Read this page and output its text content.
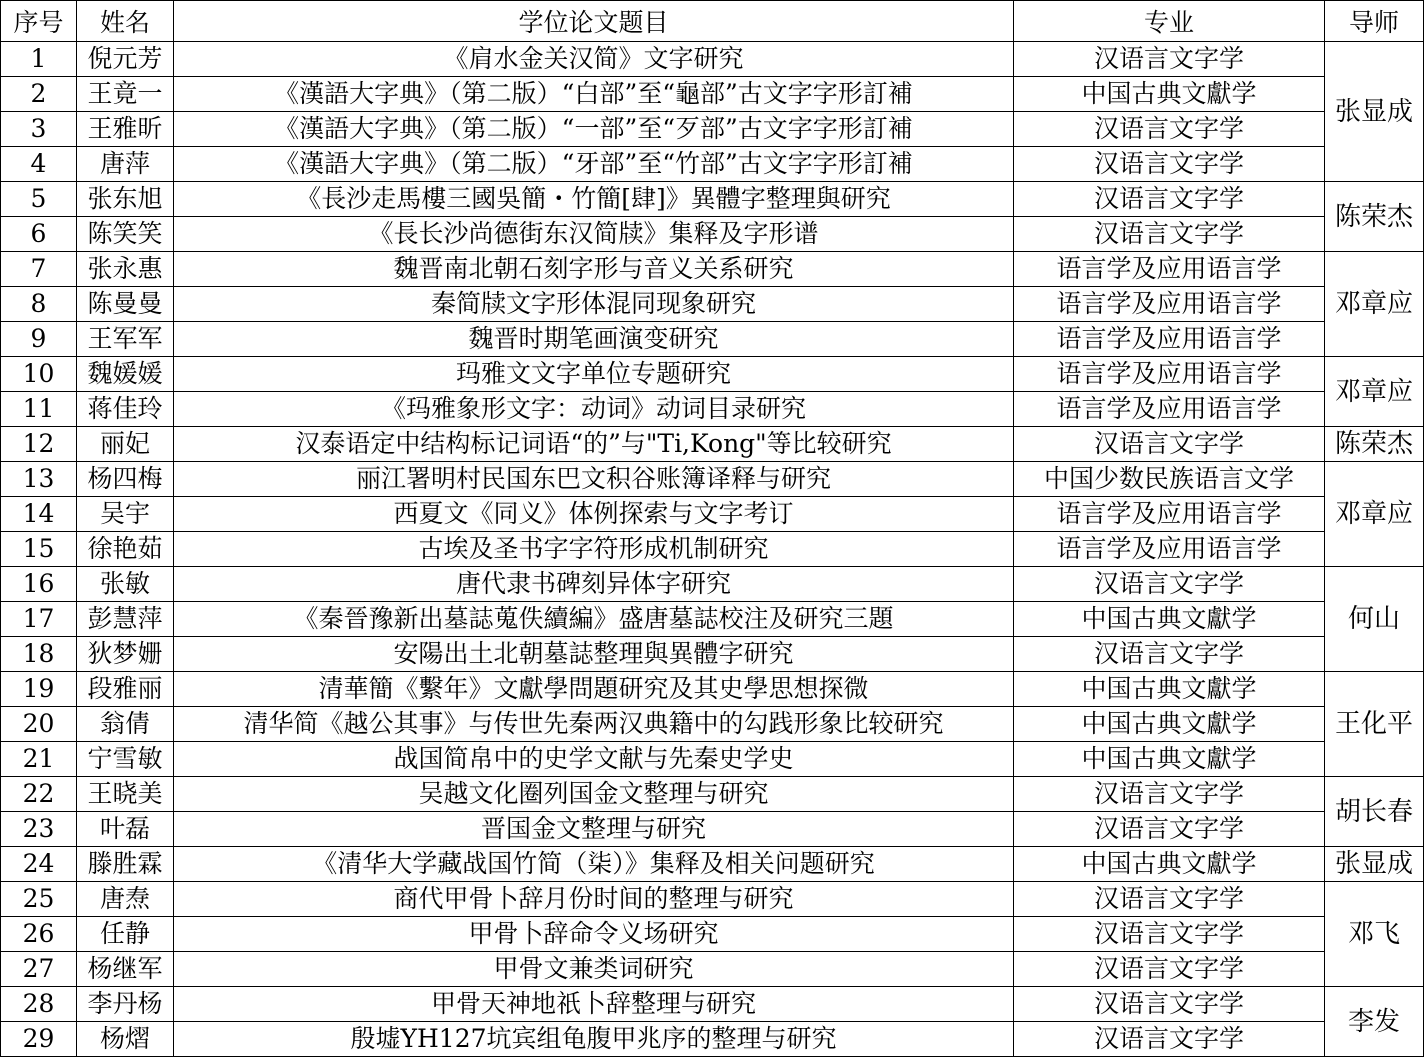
序号	姓名	学位论文题目	专业	导师
1	倪元芳	《肩水金关汉简》文字研究	汉语言文字学	张显成
2	王竟一	《漢語大字典》（第二版）“白部”至“龜部”古文字字形訂補	中国古典文獻学	
3	王雅昕	《漢語大字典》（第二版）“一部”至“歹部”古文字字形訂補	汉语言文字学	
4	唐萍	《漢語大字典》（第二版）“牙部”至“竹部”古文字字形訂補	汉语言文字学	
5	张东旭	《長沙走馬樓三國吳簡・竹簡[肆]》異體字整理與研究	汉语言文字学	陈荣杰
6	陈笑笑	《長长沙尚德街东汉简牍》集释及字形谱	汉语言文字学	
7	张永惠	魏晋南北朝石刻字形与音义关系研究	语言学及应用语言学	邓章应
8	陈曼曼	秦简牍文字形体混同现象研究	语言学及应用语言学	
9	王军军	魏晋时期笔画演变研究	语言学及应用语言学	
10	魏媛媛	玛雅文文字单位专题研究	语言学及应用语言学	邓章应
11	蒋佳玲	《玛雅象形文字：动词》动词目录研究	语言学及应用语言学	
12	丽妃	汉泰语定中结构标记词语“的”与"Ti,Kong"等比较研究	汉语言文字学	陈荣杰
13	杨四梅	丽江署明村民国东巴文积谷账簿译释与研究	中国少数民族语言文学	邓章应
14	吴宇	西夏文《同义》体例探索与文字考订	语言学及应用语言学	
15	徐艳茹	古埃及圣书字字符形成机制研究	语言学及应用语言学	
16	张敏	唐代隶书碑刻异体字研究	汉语言文字学	何山
17	彭慧萍	《秦晉豫新出墓誌蒐佚續編》盛唐墓誌校注及研究三題	中国古典文獻学	
18	狄梦姗	安陽出土北朝墓誌整理與異體字研究	汉语言文字学	
19	段雅丽	清華簡《繫年》文獻學問題研究及其史學思想探微	中国古典文獻学	王化平
20	翁倩	清华简《越公其事》与传世先秦两汉典籍中的勾践形象比较研究	中国古典文獻学	
21	宁雪敏	战国简帛中的史学文献与先秦史学史	中国古典文獻学	
22	王晓美	吴越文化圈列国金文整理与研究	汉语言文字学	胡长春
23	叶磊	晋国金文整理与研究	汉语言文字学	
24	滕胜霖	《清华大学藏战国竹简（柒）》集释及相关问题研究	中国古典文獻学	张显成
25	唐焘	商代甲骨卜辞月份时间的整理与研究	汉语言文字学	邓飞
26	任静	甲骨卜辞命令义场研究	汉语言文字学	
27	杨继军	甲骨文兼类词研究	汉语言文字学	
28	李丹杨	甲骨天神地祇卜辞整理与研究	汉语言文字学	李发
29	杨熠	殷墟YH127坑宾组龟腹甲兆序的整理与研究	汉语言文字学	
